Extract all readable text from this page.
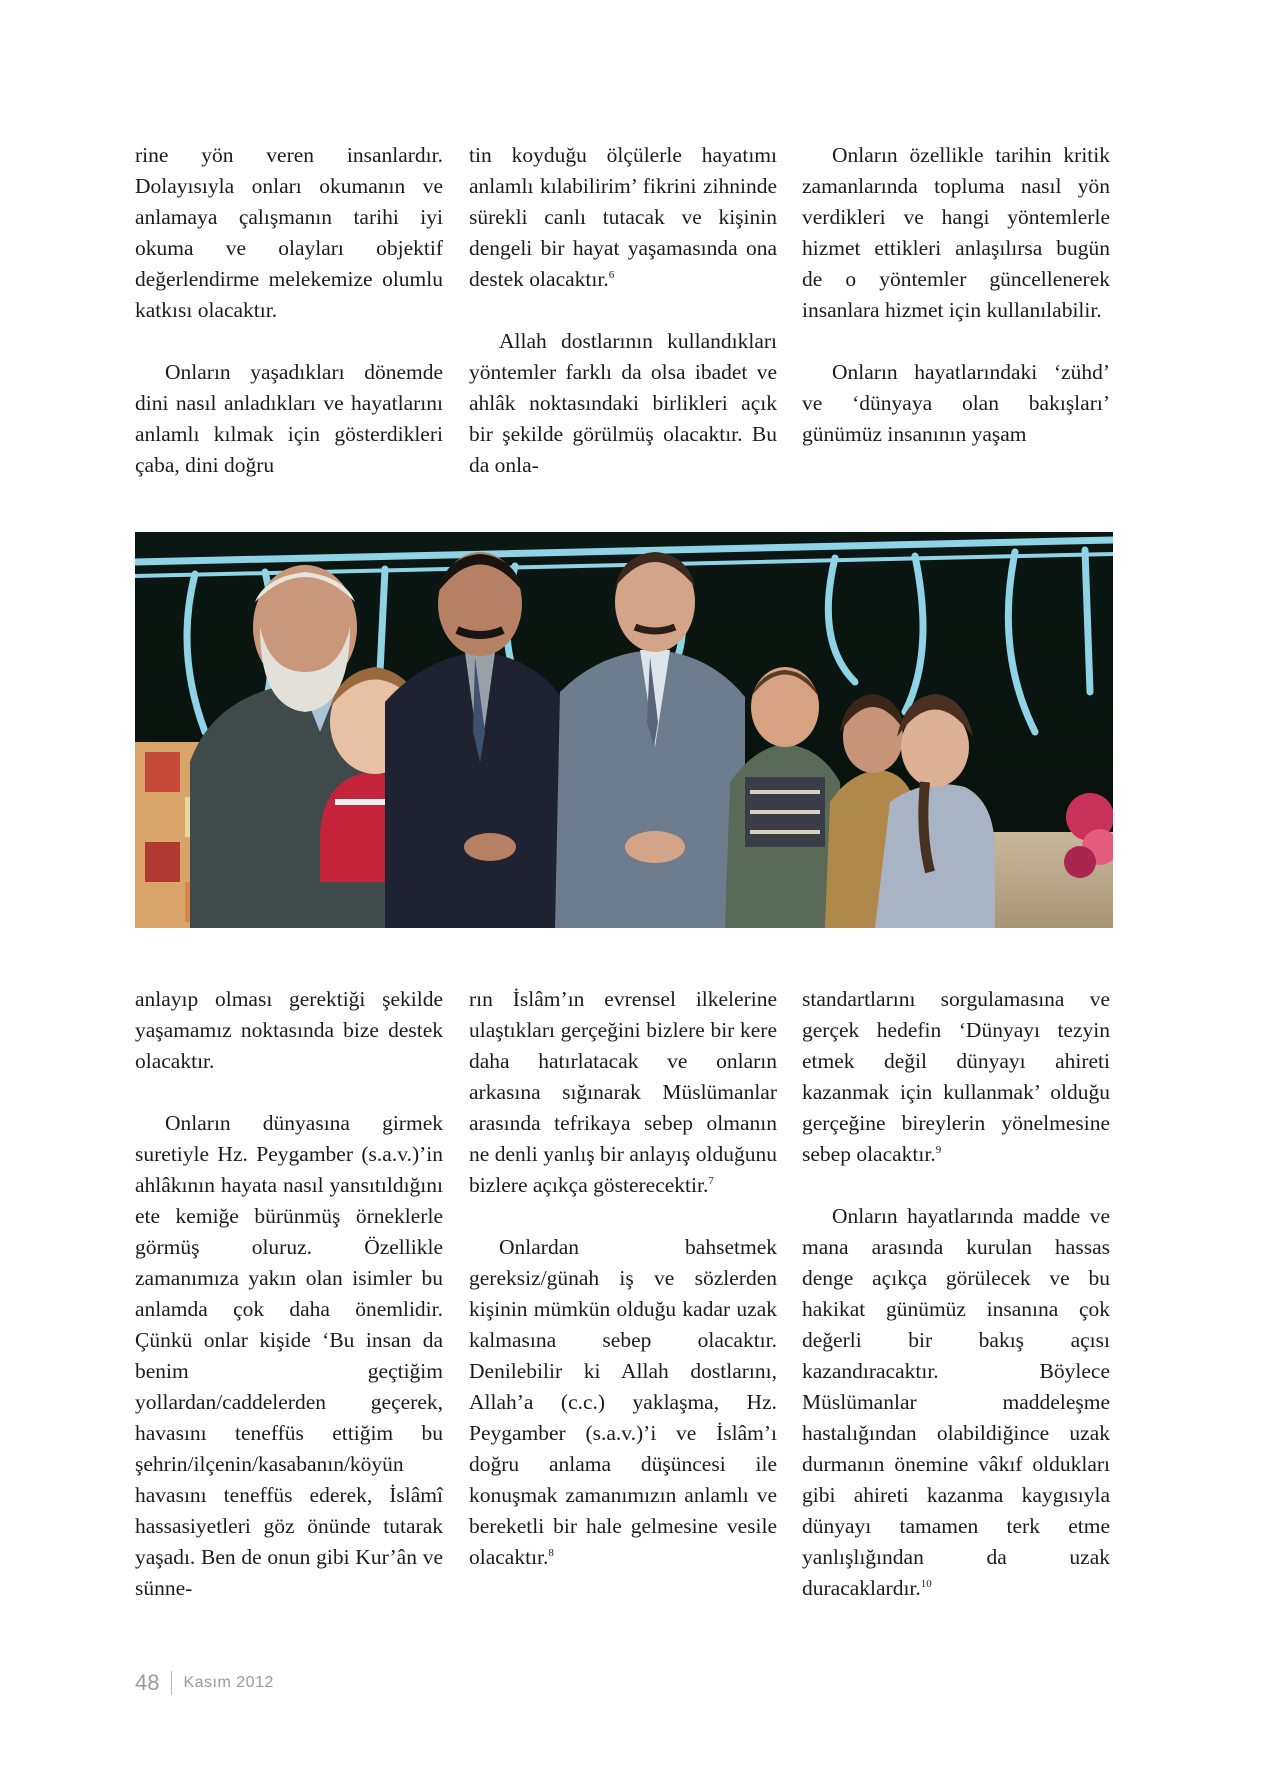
rine yön veren insanlardır. Dolayısıyla onları okumanın ve anlamaya çalışmanın tarihi iyi okuma ve olayları objektif değerlendirme melekemize olumlu katkısı olacaktır.

Onların yaşadıkları dönemde dini nasıl anladıkları ve hayatlarını anlamlı kılmak için gösterdikleri çaba, dini doğru

tin koyduğu ölçülerle hayatımı anlamlı kılabilirim’ fikrini zihninde sürekli canlı tutacak ve kişinin dengeli bir hayat yaşamasında ona destek olacaktır.$^6$

Allah dostlarının kullandıkları yöntemler farklı da olsa ibadet ve ahlâk noktasındaki birlikleri açık bir şekilde görülmüş olacaktır. Bu da onla-

Onların özellikle tarihin kritik zamanlarında topluma nasıl yön verdikleri ve hangi yöntemlerle hizmet ettikleri anlaşılırsa bugün de o yöntemler güncellenerek insanlara hizmet için kullanılabilir.

Onların hayatlarındaki ‘zühd’ ve ‘dünyaya olan bakışları’ günümüz insanının yaşam

anlayıp olması gerektiği şekilde yaşamamız noktasında bize destek olacaktır.

Onların dünyasına girmek suretiyle Hz. Peygamber (s.a.v.)’in ahlâkının hayata nasıl yansıtıldığını ete kemiğe bürünmüş örneklerle görmüş oluruz. Özellikle zamanımıza yakın olan isimler bu anlamda çok daha önemlidir. Çünkü onlar kişide ‘Bu insan da benim geçtiğim yollardan/caddelerden geçerek, havasını teneffüs ettiğim bu şehrin/ilçenin/kasabanın/köyün havasını teneffüs ederek, İslâmî hassasiyetleri göz önünde tutarak yaşadı. Ben de onun gibi Kur’ân ve sünne-

rın İslâm’ın evrensel ilkelerine ulaştıkları gerçeğini bizlere bir kere daha hatırlatacak ve onların arkasına sığınarak Müslümanlar arasında tefrikaya sebep olmanın ne denli yanlış bir anlayış olduğunu bizlere açıkça gösterecektir.$^7$

Onlardan bahsetmek gereksiz/günah iş ve sözlerden kişinin mümkün olduğu kadar uzak kalmasına sebep olacaktır. Denilebilir ki Allah dostlarını, Allah’a (c.c.) yaklaşma, Hz. Peygamber (s.a.v.)’i ve İslâm’ı doğru anlama düşüncesi ile konuşmak zamanımızın anlamlı ve bereketli bir hale gelmesine vesile olacaktır.$^8$

standartlarını sorgulamasına ve gerçek hedefin ‘Dünyayı tezyin etmek değil dünyayı ahireti kazanmak için kullanmak’ olduğu gerçeğine bireylerin yönelmesine sebep olacaktır.$^9$

Onların hayatlarında madde ve mana arasında kurulan hassas denge açıkça görülecek ve bu hakikat günümüz insanına çok değerli bir bakış açısı kazandıracaktır. Böylece Müslümanlar maddeleşme hastalığından olabildiğince uzak durmanın önemine vâkıf oldukları gibi ahireti kazanma kaygısıyla dünyayı tamamen terk etme yanlışlığından da uzak duracaklardır.$^{10}$

48 Kasım 2012
